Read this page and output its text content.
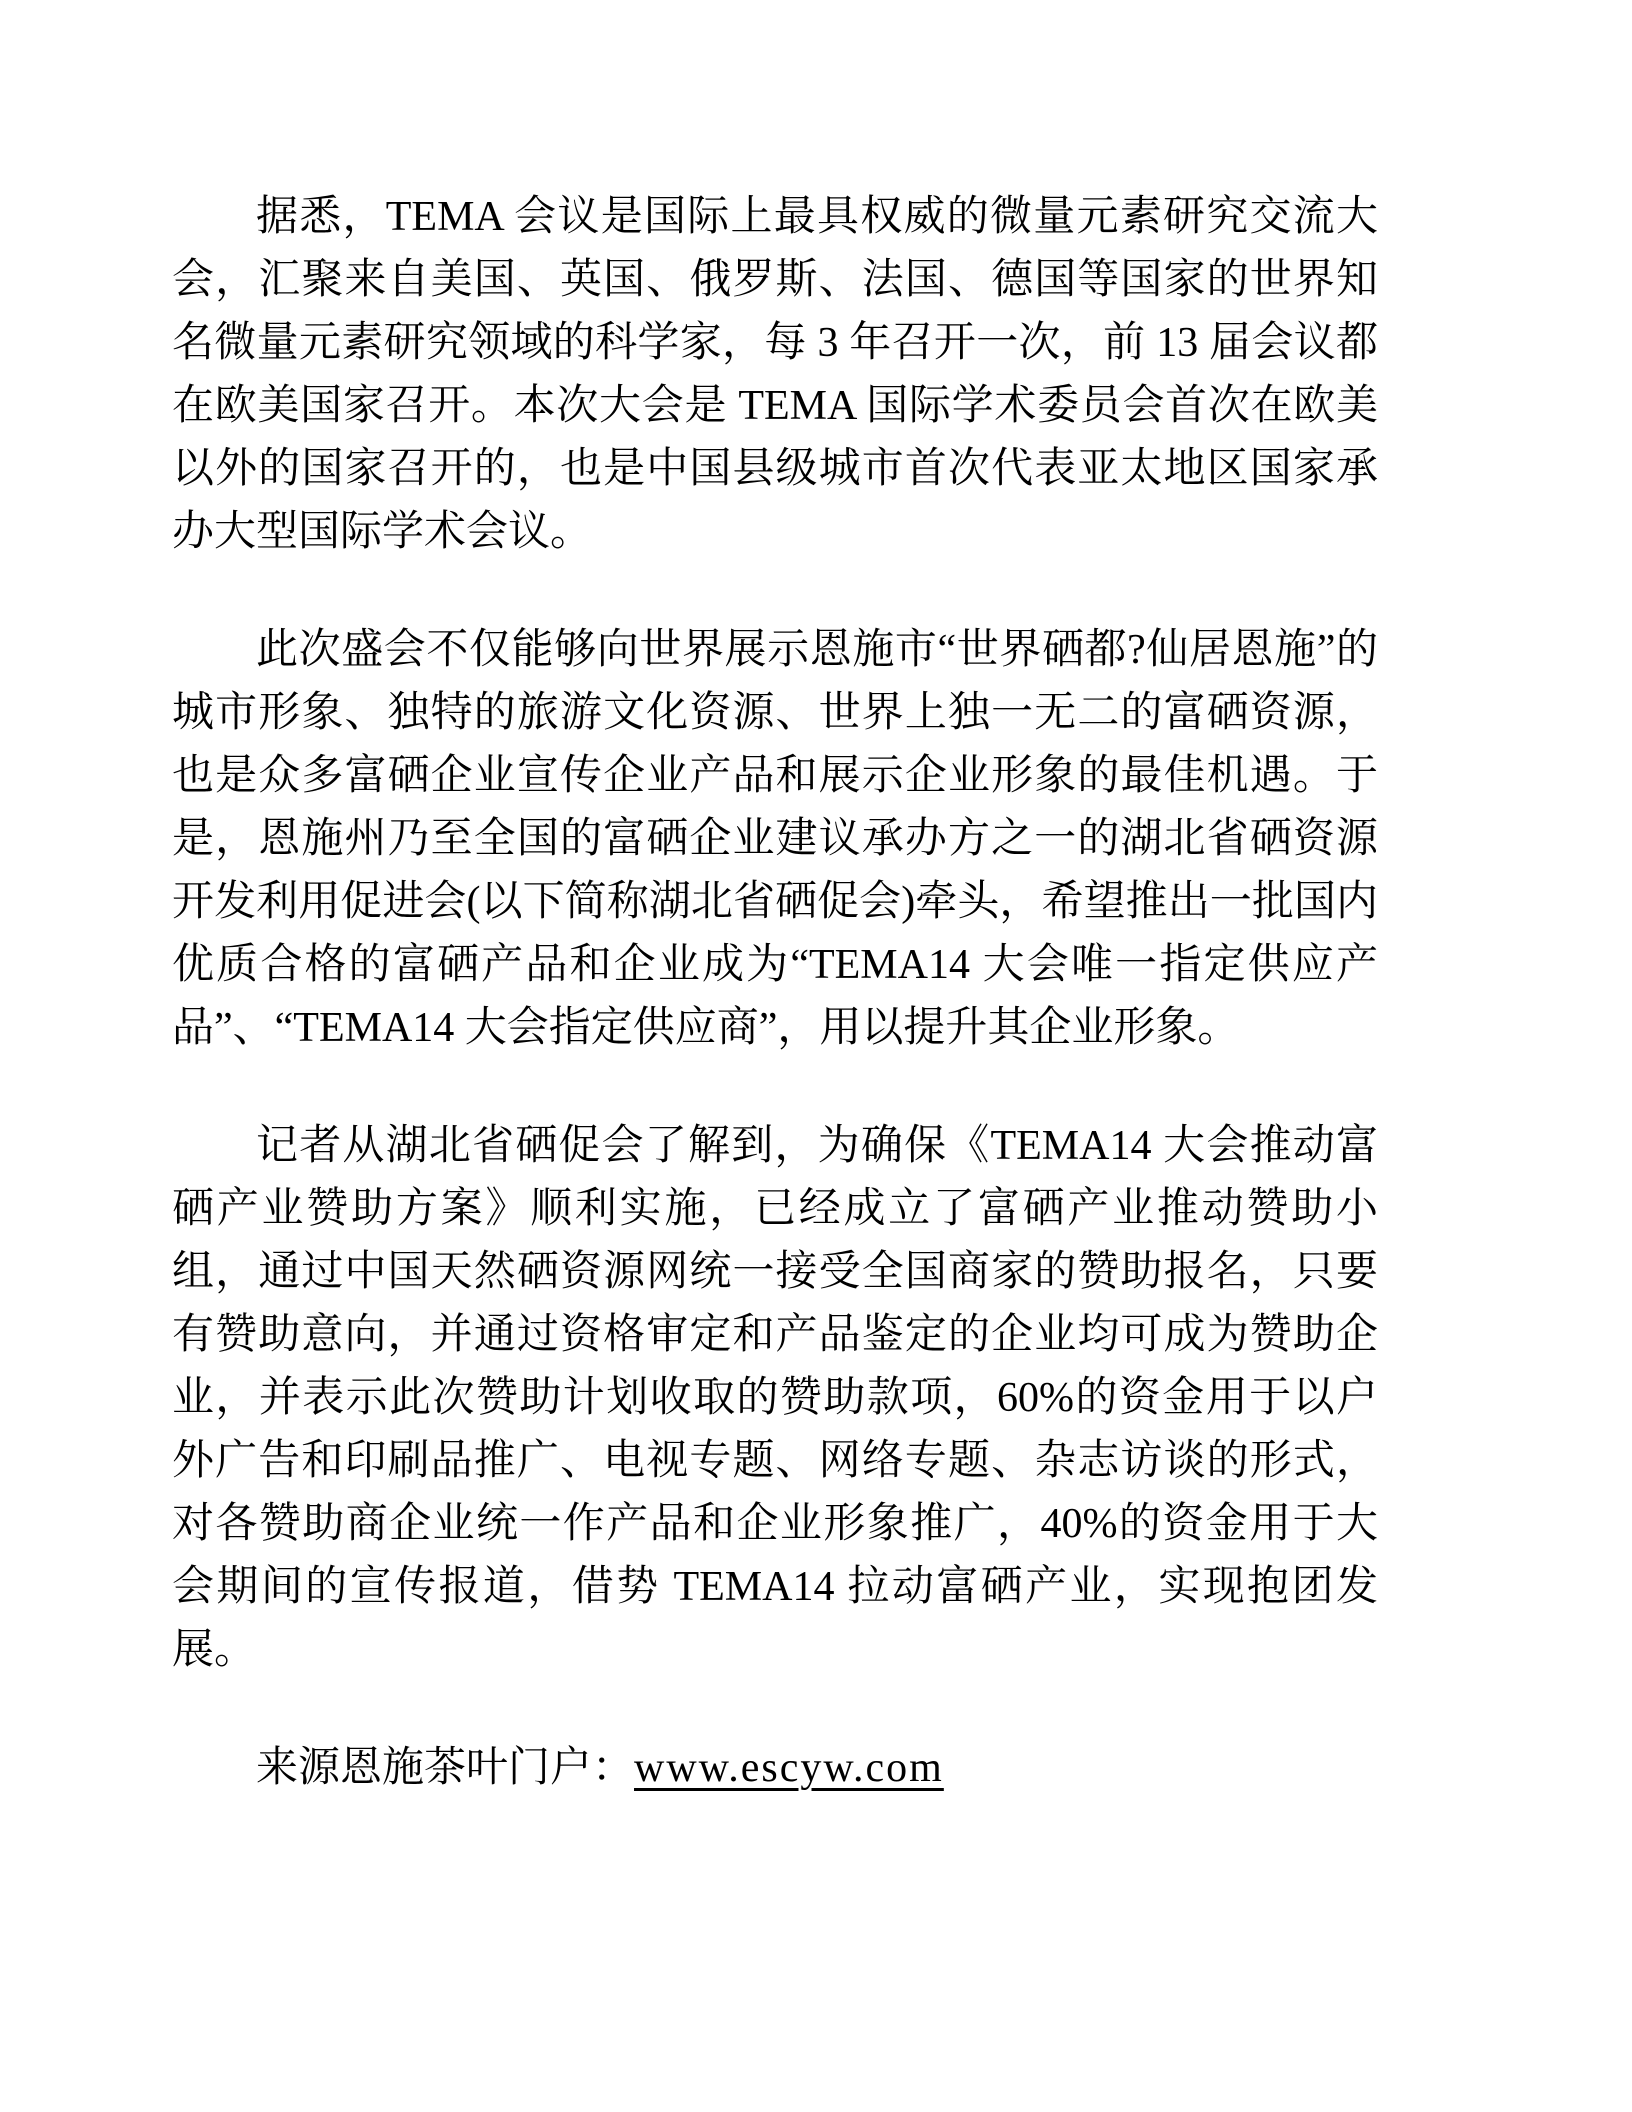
据悉，TEMA 会议是国际上最具权威的微量元素研究交流大会，汇聚来自美国、英国、俄罗斯、法国、德国等国家的世界知名微量元素研究领域的科学家，每 3 年召开一次，前 13 届会议都在欧美国家召开。本次大会是 TEMA 国际学术委员会首次在欧美以外的国家召开的，也是中国县级城市首次代表亚太地区国家承办大型国际学术会议。

此次盛会不仅能够向世界展示恩施市“世界硒都?仙居恩施”的城市形象、独特的旅游文化资源、世界上独一无二的富硒资源，也是众多富硒企业宣传企业产品和展示企业形象的最佳机遇。于是，恩施州乃至全国的富硒企业建议承办方之一的湖北省硒资源开发利用促进会(以下简称湖北省硒促会)牵头，希望推出一批国内优质合格的富硒产品和企业成为“TEMA14 大会唯一指定供应产品”、“TEMA14 大会指定供应商”，用以提升其企业形象。

记者从湖北省硒促会了解到，为确保《TEMA14 大会推动富硒产业赞助方案》顺利实施，已经成立了富硒产业推动赞助小组，通过中国天然硒资源网统一接受全国商家的赞助报名，只要有赞助意向，并通过资格审定和产品鉴定的企业均可成为赞助企业，并表示此次赞助计划收取的赞助款项，60%的资金用于以户外广告和印刷品推广、电视专题、网络专题、杂志访谈的形式，对各赞助商企业统一作产品和企业形象推广，40%的资金用于大会期间的宣传报道，借势 TEMA14 拉动富硒产业，实现抱团发展。

来源恩施茶叶门户：www.escyw.com
